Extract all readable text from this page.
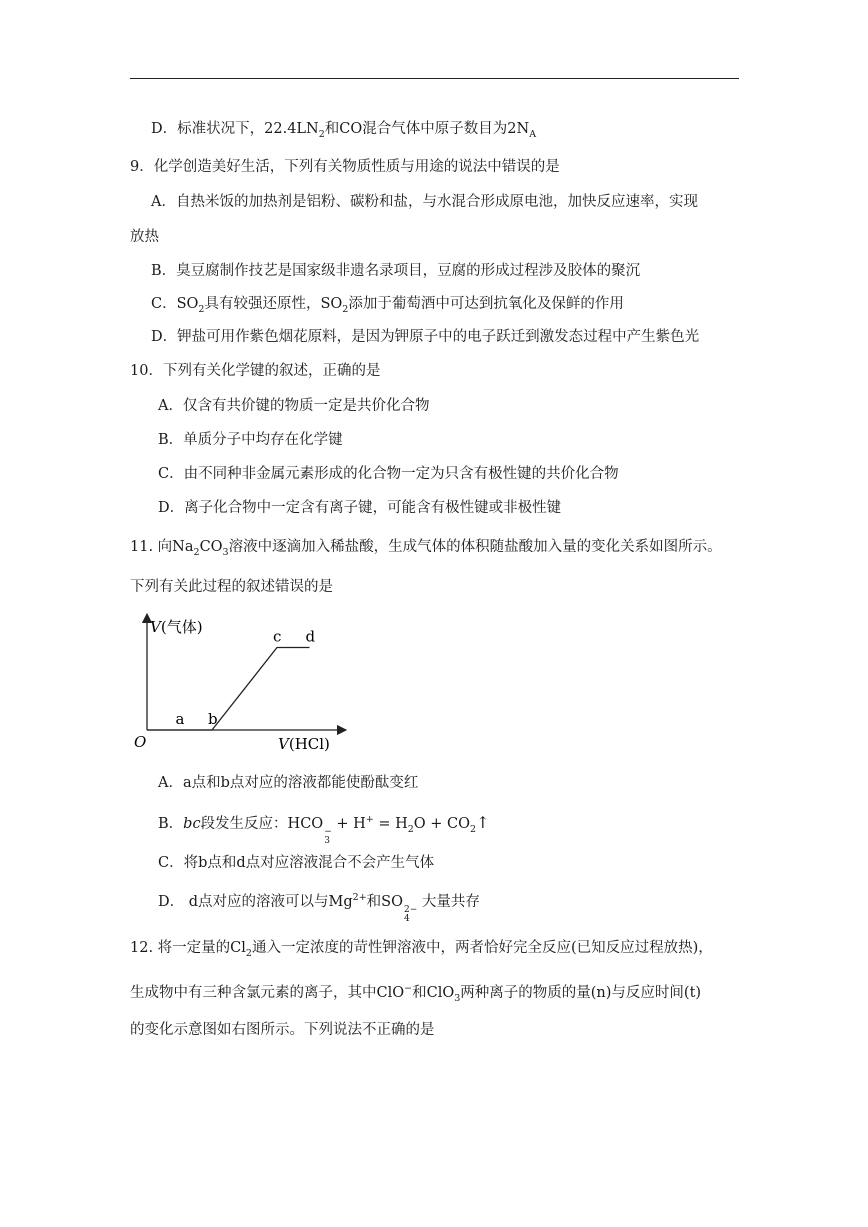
D．标准状况下，$22.4LN_2$和CO混合气体中原子数目为$2N_A$
9．化学创造美好生活，下列有关物质性质与用途的说法中错误的是
A．自热米饭的加热剂是铝粉、碳粉和盐，与水混合形成原电池，加快反应速率，实现
放热
B．臭豆腐制作技艺是国家级非遗名录项目，豆腐的形成过程涉及胶体的聚沉
C．$SO_2$具有较强还原性，$SO_2$添加于葡萄酒中可达到抗氧化及保鲜的作用
D．钾盐可用作紫色烟花原料，是因为钾原子中的电子跃迁到激发态过程中产生紫色光
10．下列有关化学键的叙述，正确的是
A．仅含有共价键的物质一定是共价化合物
B．单质分子中均存在化学键
C．由不同种非金属元素形成的化合物一定为只含有极性键的共价化合物
D．离子化合物中一定含有离子键，可能含有极性键或非极性键
11. 向$Na_2CO_3$溶液中逐滴加入稀盐酸，生成气体的体积随盐酸加入量的变化关系如图所示。
下列有关此过程的叙述错误的是
V(气体)
V(HCl)
O
a b
c d
A．a点和b点对应的溶液都能使酚酞变红
B．bc段发生反应：HCO −
3
+ $H^+ = H_2O$ + $CO_2↑$
C．将b点和d点对应溶液混合不会产生气体
D． d点对应的溶液可以与$Mg^{2+}$和SO 2−
4
大量共存
12. 将一定量的$Cl_2$通入一定浓度的苛性钾溶液中，两者恰好完全反应(已知反应过程放热)，
生成物中有三种含氯元素的离子，其中ClO−和ClO$_3$两种离子的物质的量(n)与反应时间(t)
的变化示意图如右图所示。下列说法不正确的是
